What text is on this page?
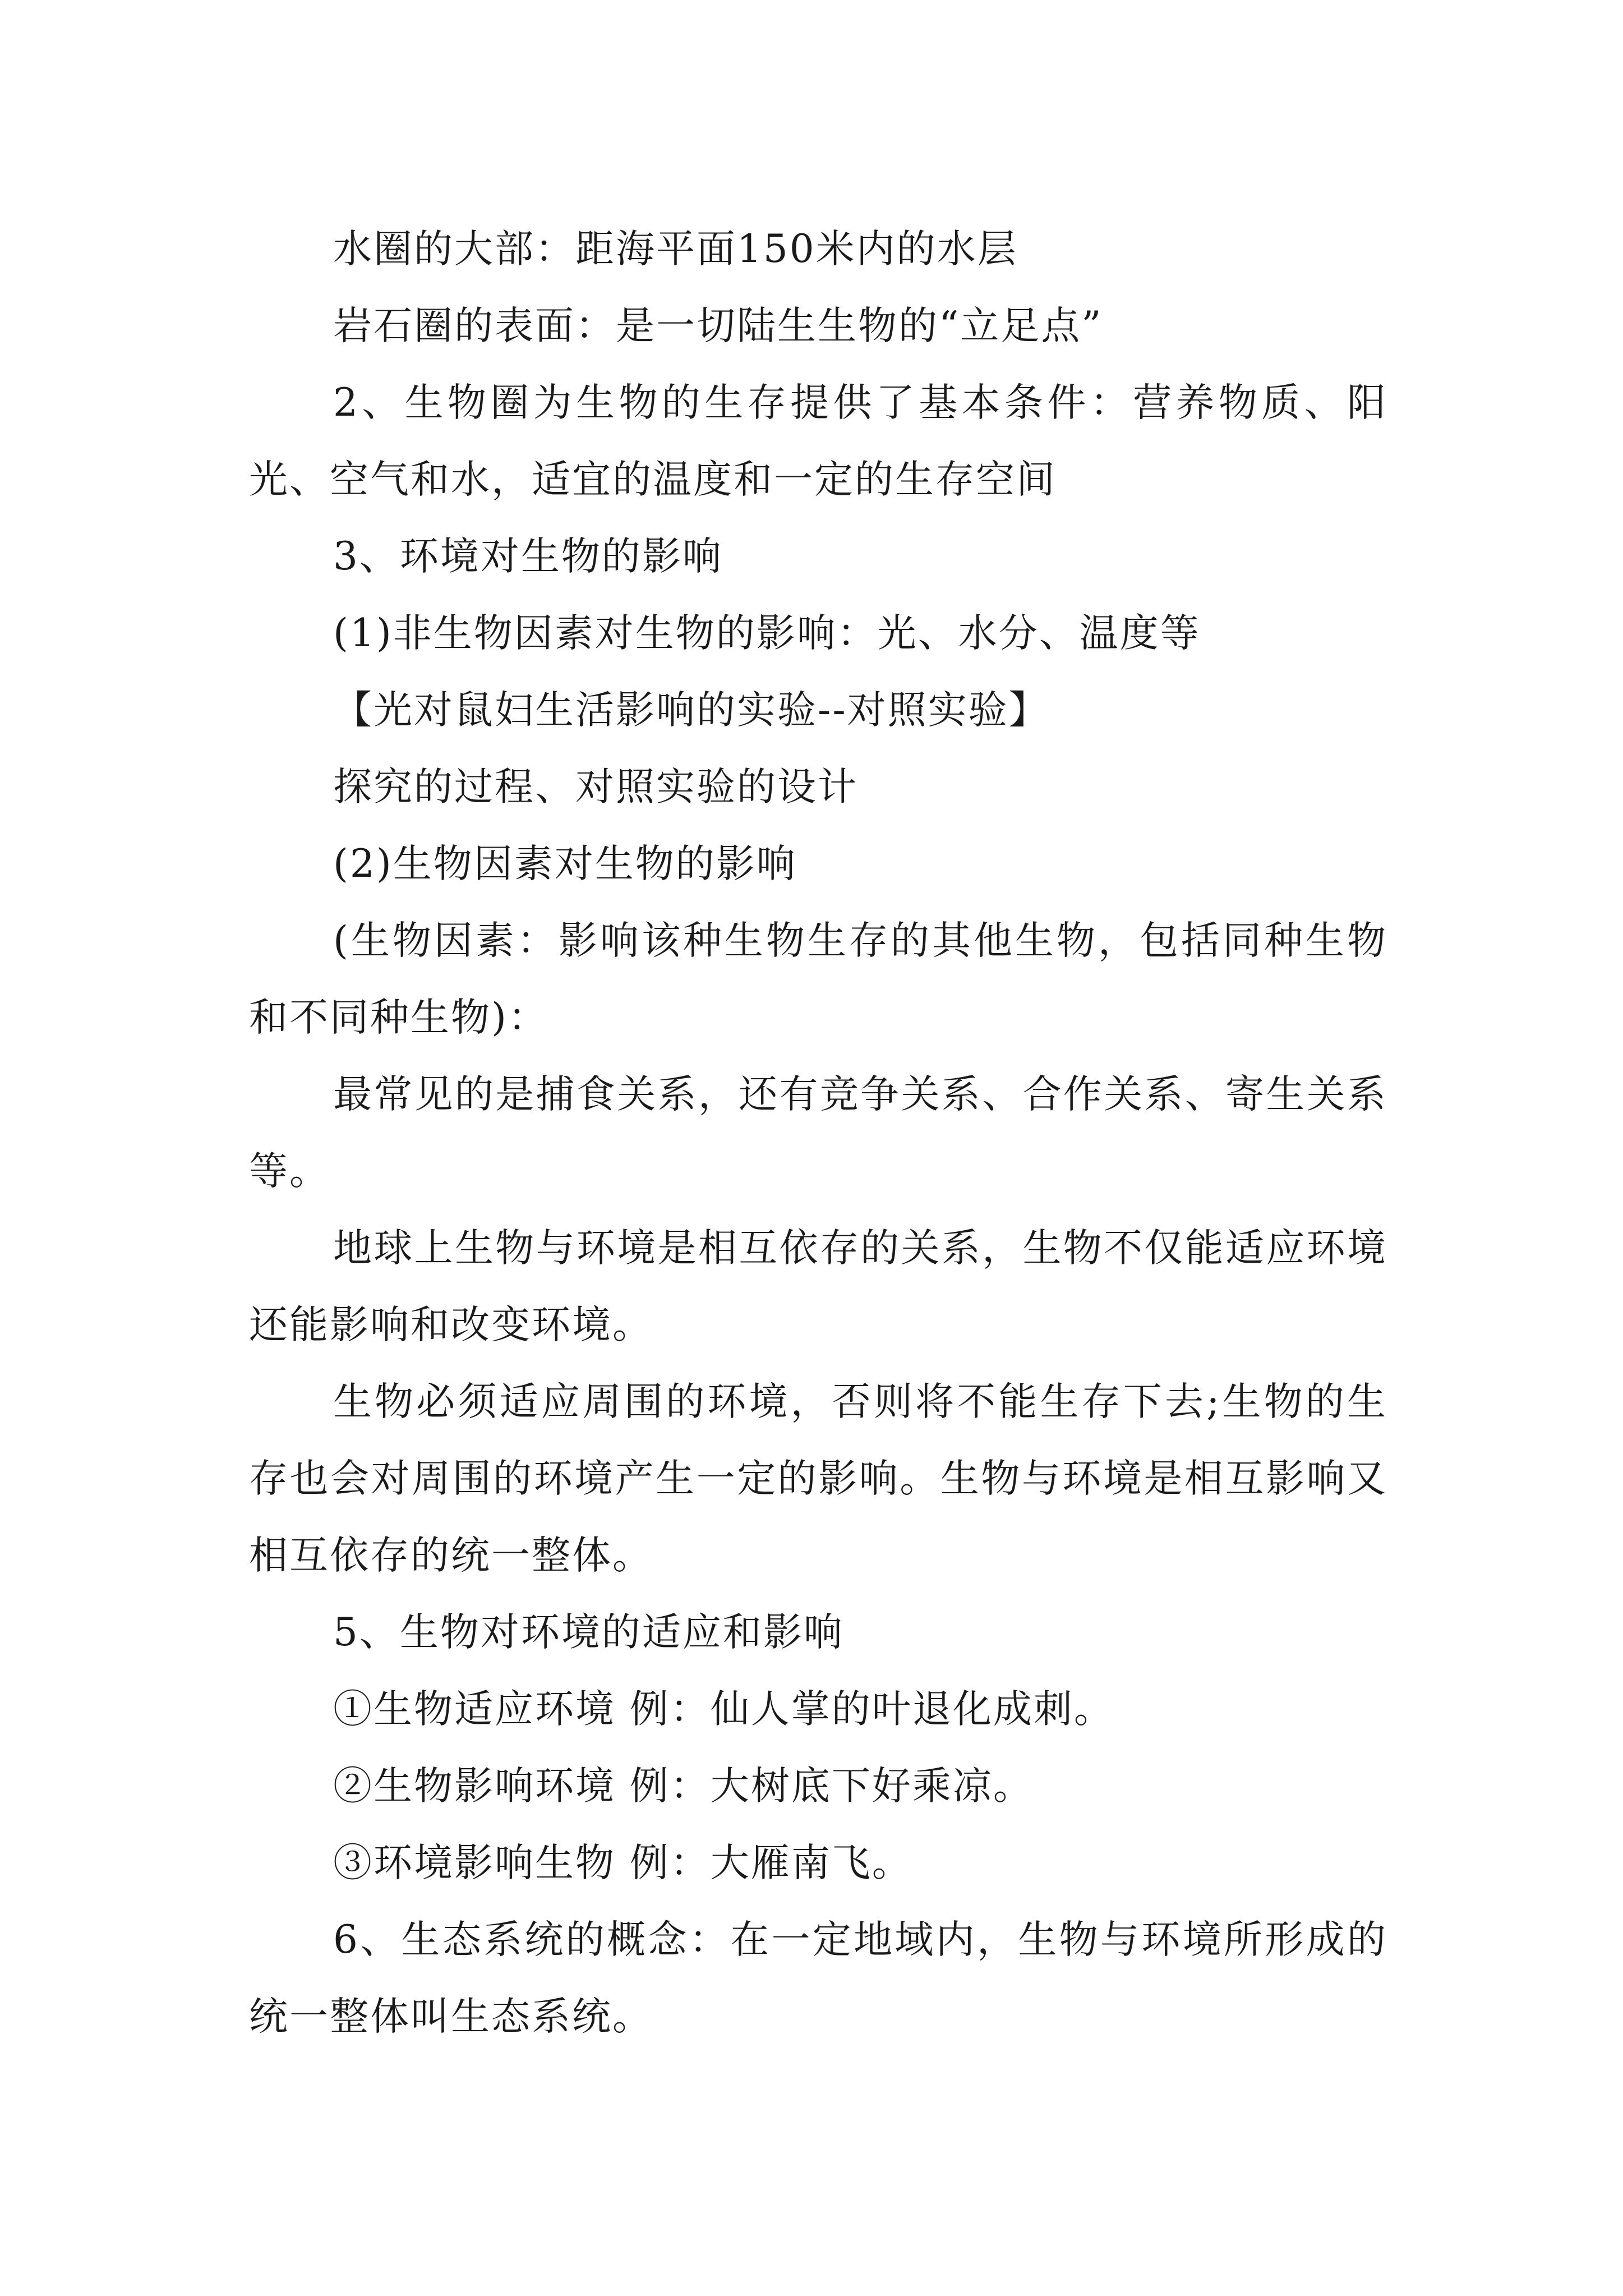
水圈的大部：距海平面150米内的水层

岩石圈的表面：是一切陆生生物的“立足点”

2、生物圈为生物的生存提供了基本条件：营养物质、阳光、空气和水，适宜的温度和一定的生存空间

3、环境对生物的影响

(1)非生物因素对生物的影响：光、水分、温度等

【光对鼠妇生活影响的实验--对照实验】

探究的过程、对照实验的设计

(2)生物因素对生物的影响

(生物因素：影响该种生物生存的其他生物，包括同种生物和不同种生物)：

最常见的是捕食关系，还有竞争关系、合作关系、寄生关系等。

地球上生物与环境是相互依存的关系，生物不仅能适应环境还能影响和改变环境。

生物必须适应周围的环境，否则将不能生存下去;生物的生存也会对周围的环境产生一定的影响。生物与环境是相互影响又相互依存的统一整体。

5、生物对环境的适应和影响

①生物适应环境 例：仙人掌的叶退化成刺。

②生物影响环境 例：大树底下好乘凉。

③环境影响生物 例：大雁南飞。

6、生态系统的概念：在一定地域内，生物与环境所形成的统一整体叫生态系统。
